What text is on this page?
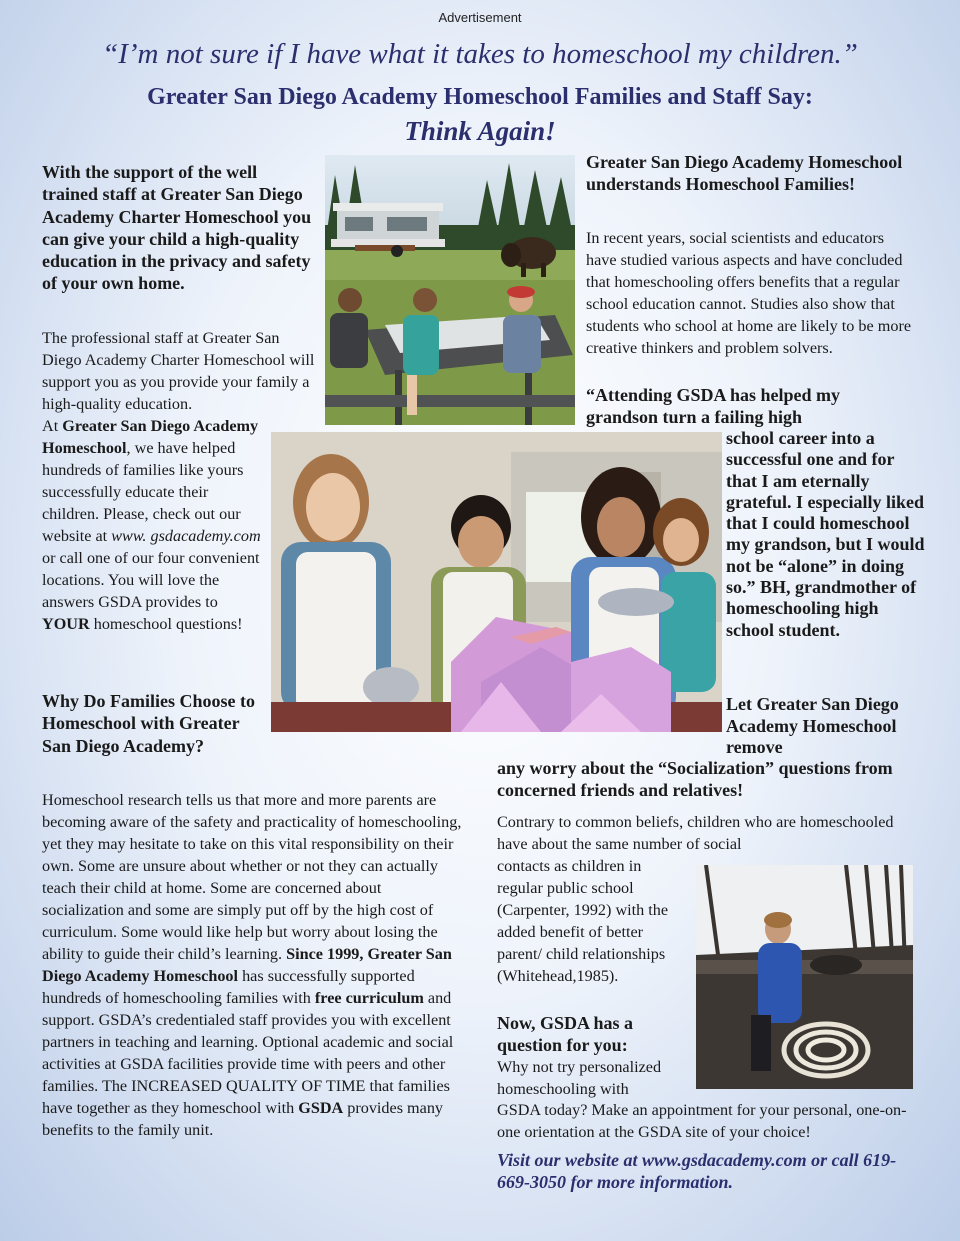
Advertisement
“I’m not sure if I have what it takes to homeschool my children.”
Greater San Diego Academy Homeschool Families and Staff Say:
Think Again!
With the support of the well trained staff at Greater San Diego Academy Charter Homeschool you can give your child a high-quality education in the privacy and safety of your own home.
The professional staff at Greater San Diego Academy Charter Homeschool will support you as you provide your family a high-quality education.
At Greater San Diego Academy
Homeschool, we have helped hundreds of families like yours successfully educate their children. Please, check out our website at www. gsdacademy.com or call one of our four convenient locations. You will love the answers GSDA provides to YOUR homeschool questions!
Why Do Families Choose to Homeschool with Greater San Diego Academy?
Homeschool research tells us that more and more parents are becoming aware of the safety and practicality of homeschooling, yet they may hesitate to take on this vital responsibility on their own. Some are unsure about whether or not they can actually teach their child at home. Some are concerned about socialization and some are simply put off by the high cost of curriculum. Some would like help but worry about losing the ability to guide their child’s learning. Since 1999, Greater San Diego Academy Homeschool has successfully supported hundreds of homeschooling families with free curriculum and support. GSDA’s credentialed staff provides you with excellent partners in teaching and learning. Optional academic and social activities at GSDA facilities provide time with peers and other families. The INCREASED QUALITY OF TIME that families have together as they homeschool with GSDA provides many benefits to the family unit.
Greater San Diego Academy Homeschool understands Homeschool Families!
In recent years, social scientists and educators have studied various aspects and have concluded that homeschooling offers benefits that a regular school education cannot. Studies also show that students who school at home are likely to be more creative thinkers and problem solvers.
“Attending GSDA has helped my grandson turn a failing high
school career into a successful one and for that I am eternally grateful. I especially liked that I could homeschool my grandson, but I would not be “alone” in doing so.” BH, grandmother of homeschooling high school student.
Let Greater San Diego Academy Homeschool remove
any worry about the “Socialization” questions from concerned friends and relatives!
Contrary to common beliefs, children who are homeschooled have about the same number of social
contacts as children in regular public school (Carpenter, 1992) with the added benefit of better parent/ child relationships (Whitehead,1985).
Now, GSDA has a question for you:
Why not try personalized homeschooling with
GSDA today? Make an appointment for your personal, one-on-one orientation at the GSDA site of your choice!
Visit our website at www.gsdacademy.com or call 619-669-3050 for more information.
